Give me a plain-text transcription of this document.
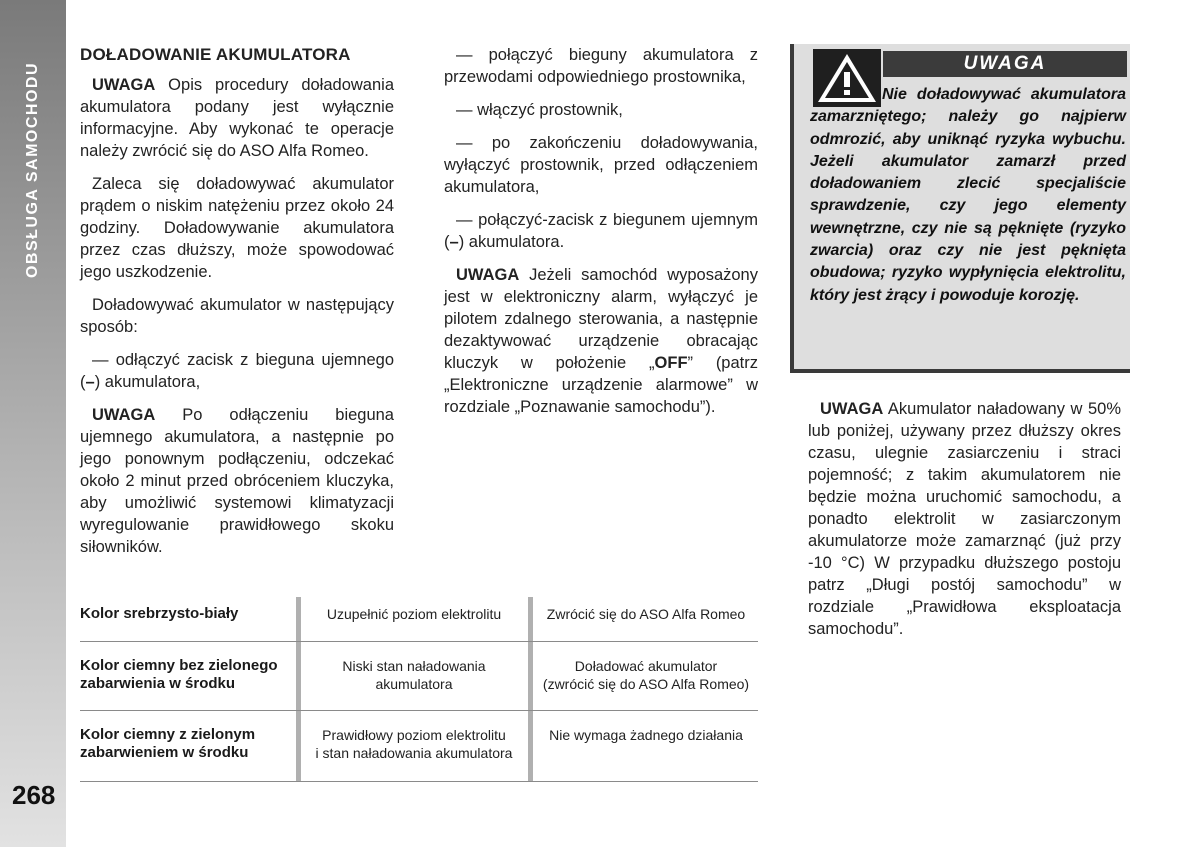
OBSŁUGA SAMOCHODU
268
DOŁADOWANIE AKUMULATORA

UWAGA Opis procedury doładowania akumulatora podany jest wyłącznie informacyjne. Aby wykonać te operacje należy zwrócić się do ASO Alfa Romeo.

Zaleca się doładowywać akumulator prądem o niskim natężeniu przez około 24 godziny. Doładowywanie akumulatora przez czas dłuższy, może spowodować jego uszkodzenie.

Doładowywać akumulator w następujący sposób:

— odłączyć zacisk z bieguna ujemnego (–) akumulatora,

UWAGA Po odłączeniu bieguna ujemnego akumulatora, a następnie po jego ponownym podłączeniu, odczekać około 2 minut przed obróceniem kluczyka, aby umożliwić systemowi klimatyzacji wyregulowanie prawidłowego skoku siłowników.

— połączyć bieguny akumulatora z przewodami odpowiedniego prostownika,

— włączyć prostownik,

— po zakończeniu doładowywania, wyłączyć prostownik, przed odłączeniem akumulatora,

— połączyć-zacisk z biegunem ujemnym (–) akumulatora.

UWAGA Jeżeli samochód wyposażony jest w elektroniczny alarm, wyłączyć je pilotem zdalnego sterowania, a następnie dezaktywować urządzenie obracając kluczyk w położenie „OFF” (patrz „Elektroniczne urządzenie alarmowe” w rozdziale „Poznawanie samochodu”).

UWAGA
Nie doładowywać akumulatora zamarzniętego; należy go najpierw odmrozić, aby uniknąć ryzyka wybuchu. Jeżeli akumulator zamarzł przed doładowaniem zlecić specjaliście sprawdzenie, czy jego elementy wewnętrzne, czy nie są pęknięte (ryzyko zwarcia) oraz czy nie jest pęknięta obudowa; ryzyko wypłynięcia elektrolitu, który jest żrący i powoduje korozję.

UWAGA Akumulator naładowany w 50% lub poniżej, używany przez dłuższy okres czasu, ulegnie zasiarczeniu i straci pojemność; z takim akumulatorem nie będzie można uruchomić samochodu, a ponadto elektrolit w zasiarczonym akumulatorze może zamarznąć (już przy -10 °C) W przypadku dłuższego postoju patrz „Długi postój samochodu” w rozdziale „Prawidłowa eksploatacja samochodu”.

Kolor srebrzysto-biały	Uzupełnić poziom elektrolitu	Zwrócić się do ASO Alfa Romeo
Kolor ciemny bez zielonego zabarwienia w środku
Niski stan naładowania akumulatora
Doładować akumulator
(zwrócić się do ASO Alfa Romeo)
Kolor ciemny z zielonym zabarwieniem w środku
Prawidłowy poziom elektrolitu
i stan naładowania akumulatora
Nie wymaga żadnego działania
